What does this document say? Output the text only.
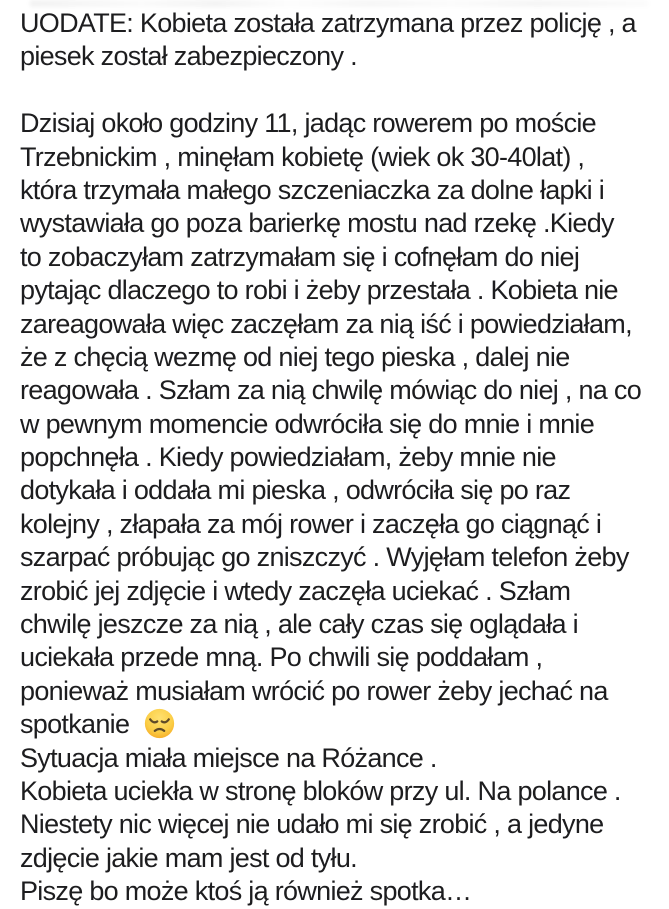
UODATE: Kobieta została zatrzymana przez policję , a
piesek został zabezpieczony .

Dzisiaj około godziny 11, jadąc rowerem po moście
Trzebnickim , minęłam kobietę (wiek ok 30-40lat) ,
która trzymała małego szczeniaczka za dolne łapki i
wystawiała go poza barierkę mostu nad rzekę .Kiedy
to zobaczyłam zatrzymałam się i cofnęłam do niej
pytając dlaczego to robi i żeby przestała . Kobieta nie
zareagowała więc zaczęłam za nią iść i powiedziałam,
że z chęcią wezmę od niej tego pieska , dalej nie
reagowała . Szłam za nią chwilę mówiąc do niej , na co
w pewnym momencie odwróciła się do mnie i mnie
popchnęła . Kiedy powiedziałam, żeby mnie nie
dotykała i oddała mi pieska , odwróciła się po raz
kolejny , złapała za mój rower i zaczęła go ciągnąć i
szarpać próbując go zniszczyć . Wyjęłam telefon żeby
zrobić jej zdjęcie i wtedy zaczęła uciekać . Szłam
chwilę jeszcze za nią , ale cały czas się oglądała i
uciekała przede mną. Po chwili się poddałam ,
ponieważ musiałam wrócić po rower żeby jechać na
spotkanie
Sytuacja miała miejsce na Różance .
Kobieta uciekła w stronę bloków przy ul. Na polance .
Niestety nic więcej nie udało mi się zrobić , a jedyne
zdjęcie jakie mam jest od tyłu.
Piszę bo może ktoś ją również spotka…
